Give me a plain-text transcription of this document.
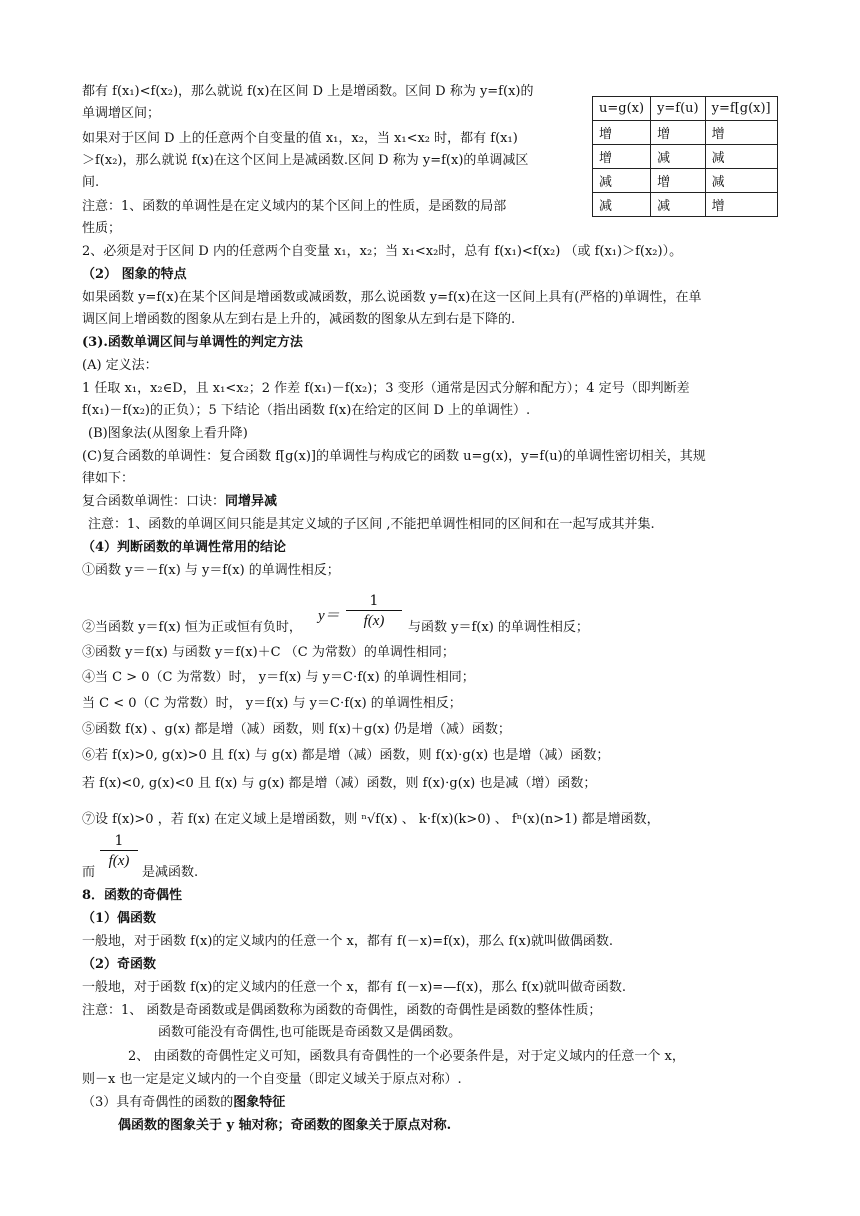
都有 f(x₁)<f(x₂)，那么就说 f(x)在区间 D 上是增函数。区间 D 称为 y=f(x)的
单调增区间；
如果对于区间 D 上的任意两个自变量的值 x₁，x₂，当 x₁<x₂ 时，都有 f(x₁)
＞f(x₂)，那么就说 f(x)在这个区间上是减函数.区间 D 称为 y=f(x)的单调减区
间.
注意：1、函数的单调性是在定义域内的某个区间上的性质，是函数的局部
性质；
2、必须是对于区间 D 内的任意两个自变量 x₁，x₂；当 x₁<x₂时，总有 f(x₁)<f(x₂) （或 f(x₁)＞f(x₂)）。
（2） 图象的特点
如果函数 y=f(x)在某个区间是增函数或减函数，那么说函数 y=f(x)在这一区间上具有(严格的)单调性，在单
调区间上增函数的图象从左到右是上升的，减函数的图象从左到右是下降的.
(3).函数单调区间与单调性的判定方法
(A) 定义法：
1 任取 x₁，x₂∈D，且 x₁<x₂；2 作差 f(x₁)－f(x₂)；3 变形（通常是因式分解和配方）；4 定号（即判断差
f(x₁)－f(x₂)的正负）；5 下结论（指出函数 f(x)在给定的区间 D 上的单调性）.
(B)图象法(从图象上看升降)
(C)复合函数的单调性：复合函数 f[g(x)]的单调性与构成它的函数 u=g(x)，y=f(u)的单调性密切相关，其规
律如下：
复合函数单调性：口诀：同增异减
注意：1、函数的单调区间只能是其定义域的子区间 ,不能把单调性相同的区间和在一起写成其并集.
（4）判断函数的单调性常用的结论
①函数 y＝－f(x) 与 y＝f(x) 的单调性相反；
1
f(x)
y＝
②当函数 y＝f(x) 恒为正或恒有负时，	与函数 y＝f(x) 的单调性相反；
③函数 y＝f(x) 与函数 y＝f(x)＋C （C 为常数）的单调性相同；
④当 C > 0（C 为常数）时， y＝f(x) 与 y＝C⋅f(x) 的单调性相同；
当 C < 0（C 为常数）时， y＝f(x) 与 y＝C⋅f(x) 的单调性相反；
⑤函数 f(x) 、g(x) 都是增（减）函数，则 f(x)＋g(x) 仍是增（减）函数；
⑥若 f(x)>0, g(x)>0 且 f(x) 与 g(x) 都是增（减）函数，则 f(x)⋅g(x) 也是增（减）函数；
若 f(x)<0, g(x)<0 且 f(x) 与 g(x) 都是增（减）函数，则 f(x)⋅g(x) 也是减（增）函数；
⑦设 f(x)>0 ，若 f(x) 在定义域上是增函数，则 ⁿ√f(x) 、 k⋅f(x)(k>0) 、 fⁿ(x)(n>1) 都是增函数，
1
f(x)
而	是减函数.
8．函数的奇偶性
（1）偶函数
一般地，对于函数 f(x)的定义域内的任意一个 x，都有 f(－x)=f(x)，那么 f(x)就叫做偶函数.
（2）奇函数
一般地，对于函数 f(x)的定义域内的任意一个 x，都有 f(－x)=—f(x)，那么 f(x)就叫做奇函数.
注意：1、 函数是奇函数或是偶函数称为函数的奇偶性，函数的奇偶性是函数的整体性质；
函数可能没有奇偶性,也可能既是奇函数又是偶函数。
2、 由函数的奇偶性定义可知，函数具有奇偶性的一个必要条件是，对于定义域内的任意一个 x，
则－x 也一定是定义域内的一个自变量（即定义域关于原点对称）.
（3）具有奇偶性的函数的图象特征
偶函数的图象关于 y 轴对称；奇函数的图象关于原点对称.
u=g(x)	y=f(u)	y=f[g(x)]
增	增	增
增	减	减
减	增	减
减	减	增
